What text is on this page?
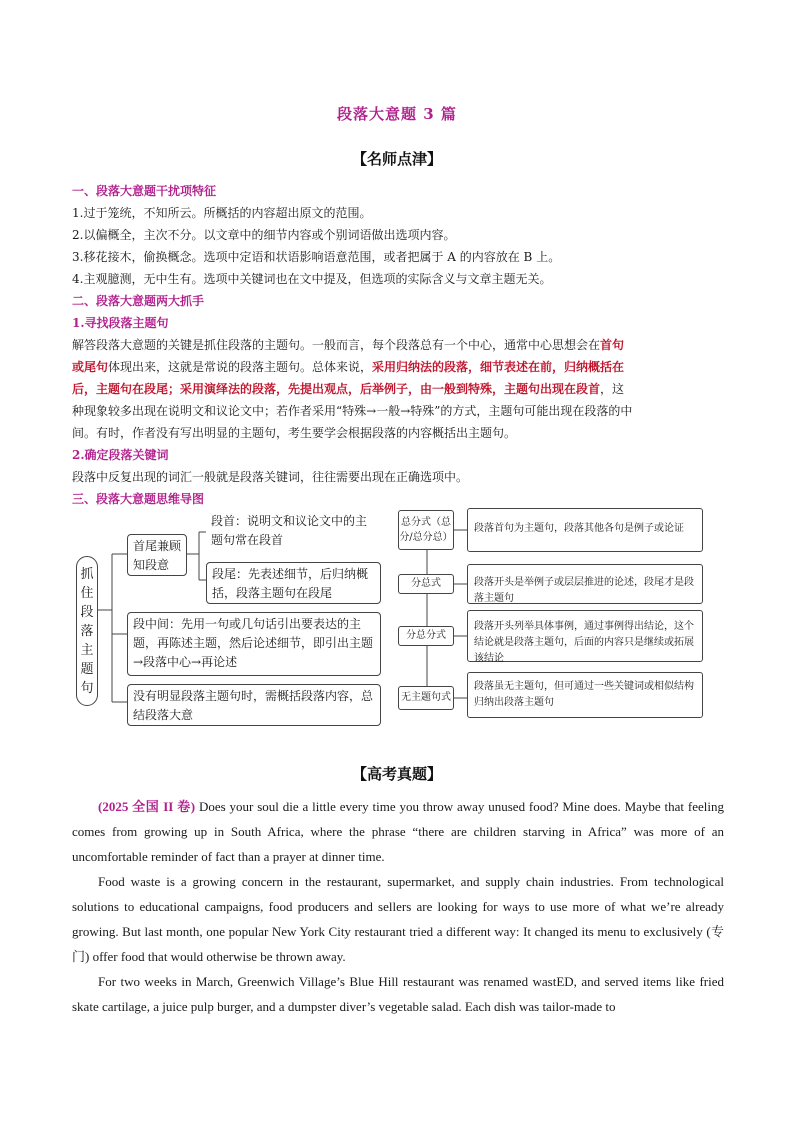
段落大意题 3 篇
【名师点津】
一、段落大意题干扰项特征
1.过于笼统，不知所云。所概括的内容超出原文的范围。
2.以偏概全，主次不分。以文章中的细节内容或个别词语做出选项内容。
3.移花接木，偷换概念。选项中定语和状语影响语意范围，或者把属于 A 的内容放在 B 上。
4.主观臆测，无中生有。选项中关键词也在文中提及，但选项的实际含义与文章主题无关。
二、段落大意题两大抓手
1.寻找段落主题句
解答段落大意题的关键是抓住段落的主题句。一般而言，每个段落总有一个中心，通常中心思想会在首句
或尾句体现出来，这就是常说的段落主题句。总体来说，采用归纳法的段落，细节表述在前，归纳概括在
后，主题句在段尾；采用演绎法的段落，先提出观点，后举例子，由一般到特殊，主题句出现在段首，这
种现象较多出现在说明文和议论文中；若作者采用“特殊→一般→特殊”的方式，主题句可能出现在段落的中
间。有时，作者没有写出明显的主题句，考生要学会根据段落的内容概括出主题句。
2.确定段落关键词
段落中反复出现的词汇一般就是段落关键词，往往需要出现在正确选项中。
三、段落大意题思维导图
抓住段落主题句
首尾兼顾知段意
段首：说明文和议论文中的主题句常在段首
段尾：先表述细节，后归纳概括，段落主题句在段尾
段中间：先用一句或几句话引出要表达的主题，再陈述主题，然后论述细节，即引出主题→段落中心→再论述
没有明显段落主题句时，需概括段落内容，总结段落大意
总分式（总分/总分总）
分总式
分总分式
无主题句式
段落首句为主题句，段落其他各句是例子或论证
段落开头是举例子或层层推进的论述，段尾才是段落主题句
段落开头列举具体事例，通过事例得出结论，这个结论就是段落主题句，后面的内容只是继续或拓展该结论
段落虽无主题句，但可通过一些关键词或相似结构归纳出段落主题句
【高考真题】

(2025 全国 II 卷) Does your soul die a little every time you throw away unused food? Mine does. Maybe that feeling comes from growing up in South Africa, where the phrase “there are children starving in Africa” was more of an uncomfortable reminder of fact than a prayer at dinner time.

Food waste is a growing concern in the restaurant, supermarket, and supply chain industries. From technological solutions to educational campaigns, food producers and sellers are looking for ways to use more of what we’re already growing. But last month, one popular New York City restaurant tried a different way: It changed its menu to exclusively (专门) offer food that would otherwise be thrown away.

For two weeks in March, Greenwich Village’s Blue Hill restaurant was renamed wastED, and served items like fried skate cartilage, a juice pulp burger, and a dumpster diver’s vegetable salad. Each dish was tailor-made to
